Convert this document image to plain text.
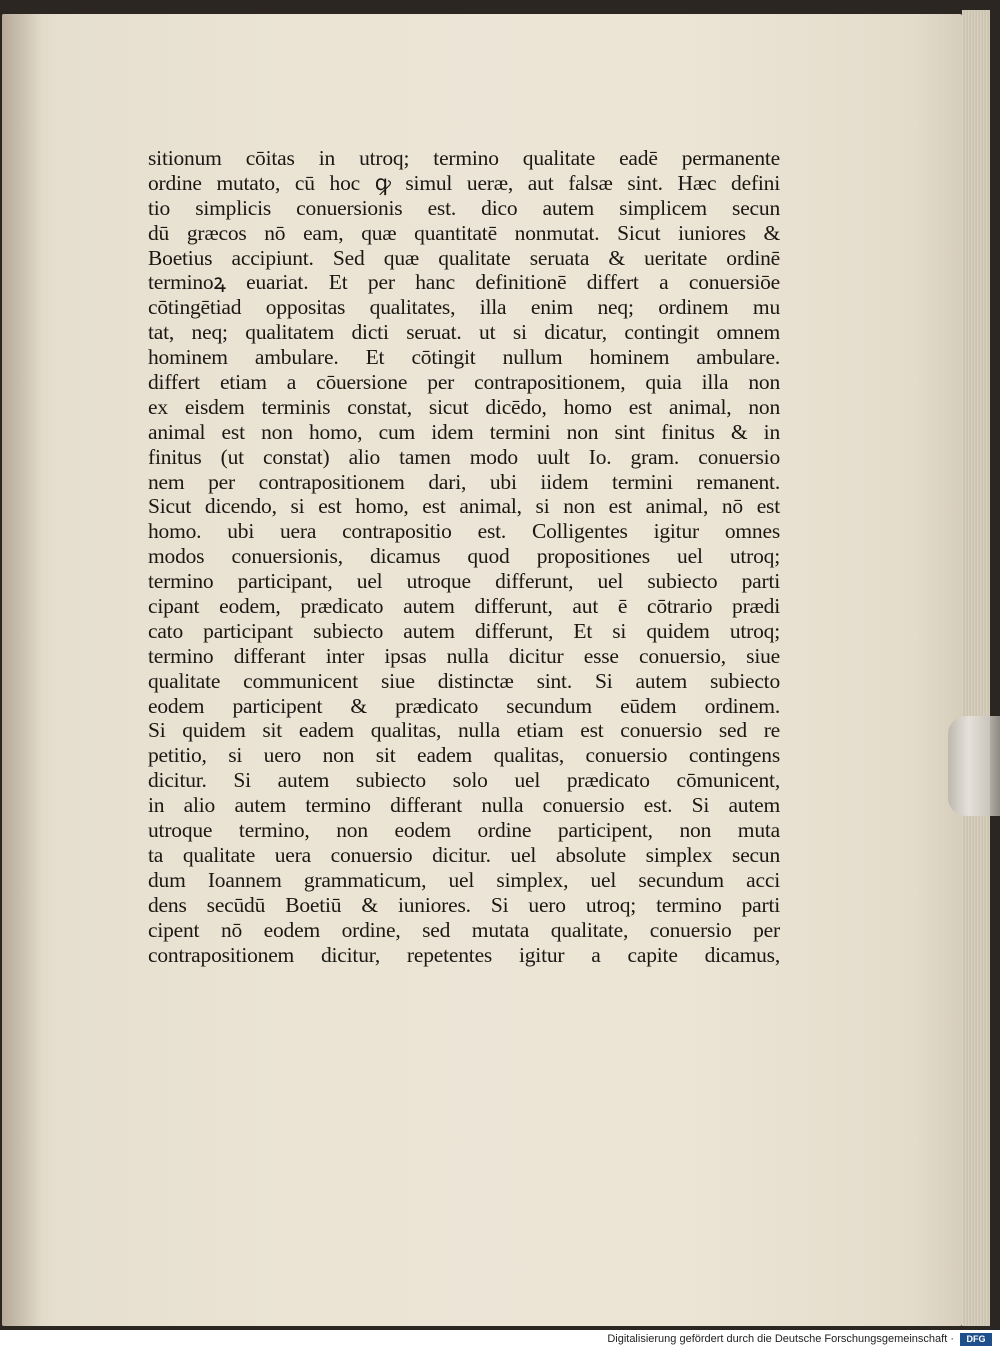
sitionum cōitas in utroq; termino qualitate eadē permanente
ordine mutato, cū hoc ꝙ simul ueræ, aut falsæ sint. Hæc defini
tio simplicis conuersionis est. dico autem simplicem secun
dū græcos nō eam, quæ quantitatē nonmutat. Sicut iuniores &
Boetius accipiunt. Sed quæ qualitate seruata & ueritate ordinē
terminoꝝ euariat. Et per hanc definitionē differt a conuersiōe
cōtingētiad oppositas qualitates, illa enim neq; ordinem mu
tat, neq; qualitatem dicti seruat. ut si dicatur, contingit omnem
hominem ambulare. Et cōtingit nullum hominem ambulare.
differt etiam a cōuersione per contrapositionem, quia illa non
ex eisdem terminis constat, sicut dicēdo, homo est animal, non
animal est non homo, cum idem termini non sint finitus & in
finitus (ut constat) alio tamen modo uult Io. gram. conuersio
nem per contrapositionem dari, ubi iidem termini remanent.
Sicut dicendo, si est homo, est animal, si non est animal, nō est
homo. ubi uera contrapositio est. Colligentes igitur omnes
modos conuersionis, dicamus quod propositiones uel utroq;
termino participant, uel utroque differunt, uel subiecto parti
cipant eodem, prædicato autem differunt, aut ē cōtrario prædi
cato participant subiecto autem differunt, Et si quidem utroq;
termino differant inter ipsas nulla dicitur esse conuersio, siue
qualitate communicent siue distinctæ sint. Si autem subiecto
eodem participent & prædicato secundum eūdem ordinem.
Si quidem sit eadem qualitas, nulla etiam est conuersio sed re
petitio, si uero non sit eadem qualitas, conuersio contingens
dicitur. Si autem subiecto solo uel prædicato cōmunicent,
in alio autem termino differant nulla conuersio est. Si autem
utroque termino, non eodem ordine participent, non muta
ta qualitate uera conuersio dicitur. uel absolute simplex secun
dum Ioannem grammaticum, uel simplex, uel secundum acci
dens secūdū Boetiū & iuniores. Si uero utroq; termino parti
cipent nō eodem ordine, sed mutata qualitate, conuersio per
contrapositionem dicitur, repetentes igitur a capite dicamus,
Digitalisierung gefördert durch die Deutsche Forschungsgemeinschaft ·	DFG
